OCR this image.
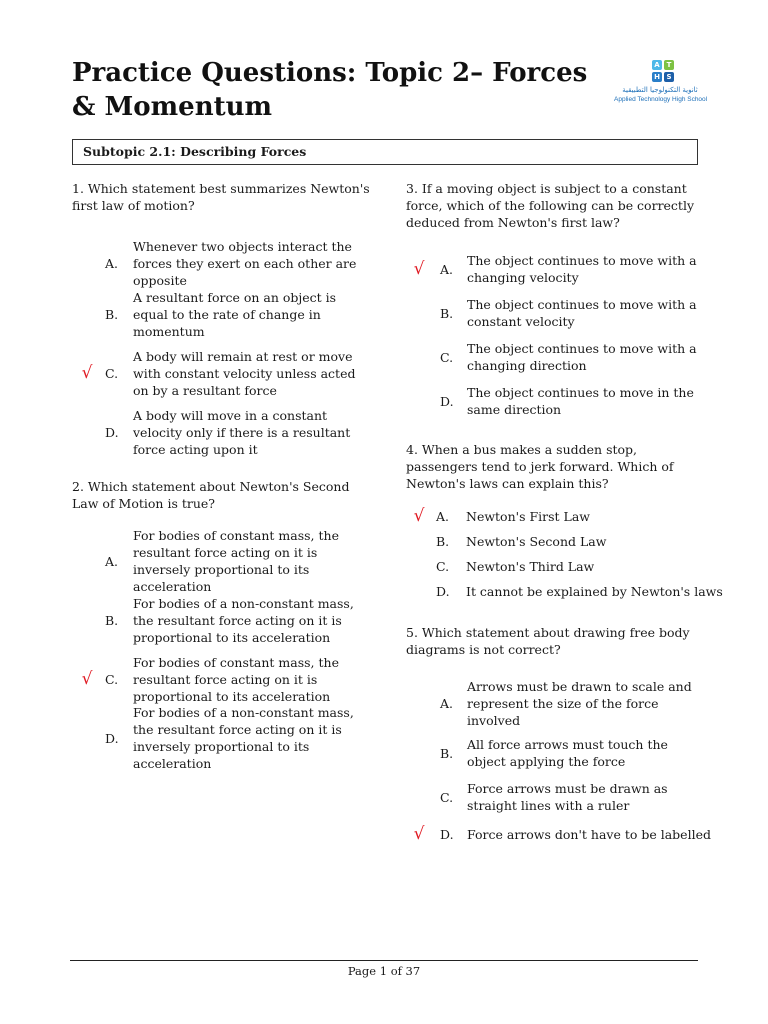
Practice Questions: Topic 2– Forces & Momentum
A T
H S
ثانوية التكنولوجيا التطبيقية
Applied Technology High School
Subtopic 2.1: Describing Forces

1. Which statement best summarizes Newton's first law of motion?

A.
Whenever two objects interact the forces they exert on each other are opposite
B.
A resultant force on an object is equal to the rate of change in momentum
√ C.
A body will remain at rest or move with constant velocity unless acted on by a resultant force
D.
A body will move in a constant velocity only if there is a resultant force acting upon it

2. Which statement about Newton's Second Law of Motion is true?

A.
For bodies of constant mass, the resultant force acting on it is inversely proportional to its acceleration
B.
For bodies of a non-constant mass, the resultant force acting on it is proportional to its acceleration
√ C.
For bodies of constant mass, the resultant force acting on it is proportional to its acceleration
D.
For bodies of a non-constant mass, the resultant force acting on it is inversely proportional to its acceleration

3. If a moving object is subject to a constant force, which of the following can be correctly deduced from Newton's first law?

√ A.
The object continues to move with a changing velocity
B.
The object continues to move with a constant velocity
C.
The object continues to move with a changing direction
D.
The object continues to move in the same direction

4. When a bus makes a sudden stop, passengers tend to jerk forward. Which of Newton's laws can explain this?

√ A.	Newton's First Law
B.	Newton's Second Law
C.	Newton's Third Law
D.	It cannot be explained by Newton's laws

5. Which statement about drawing free body diagrams is not correct?

A.
Arrows must be drawn to scale and represent the size of the force involved
B.
All force arrows must touch the object applying the force
C.
Force arrows must be drawn as straight lines with a ruler
√ D.	Force arrows don't have to be labelled
Page 1 of 37
